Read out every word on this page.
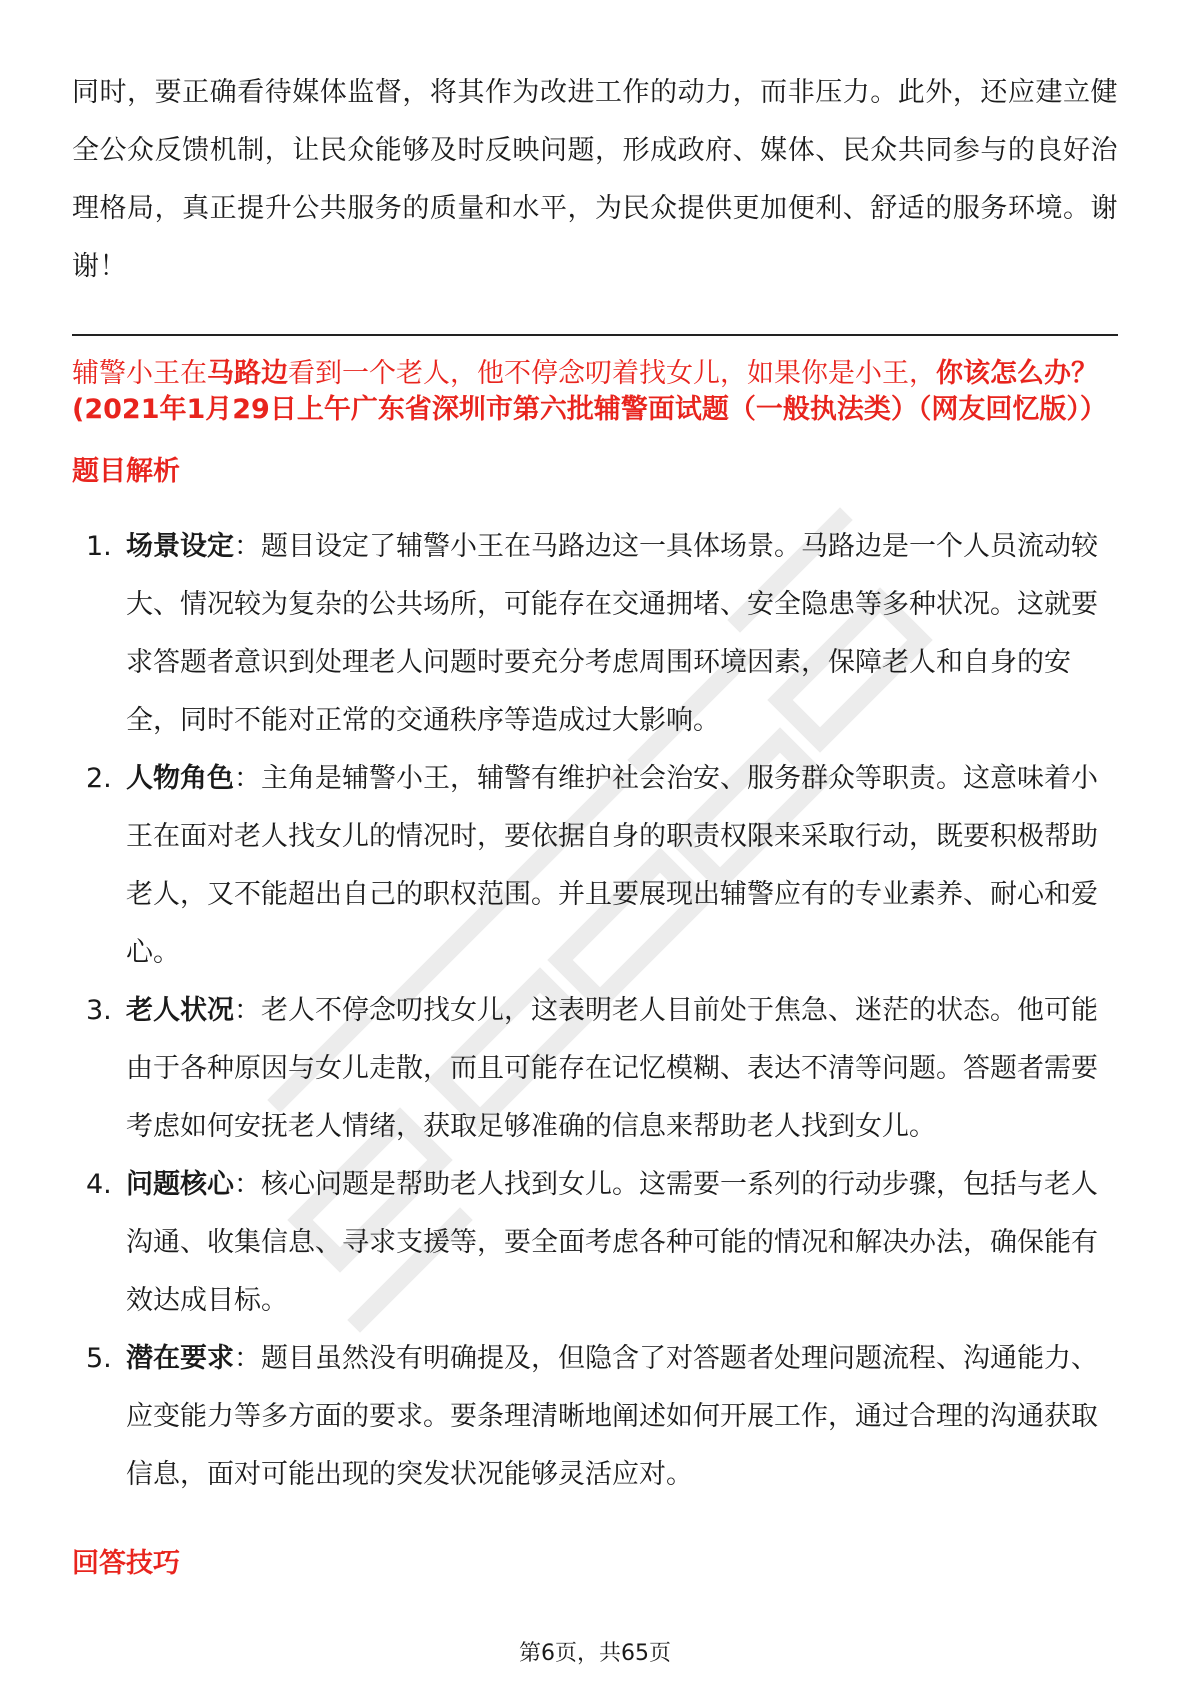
同时，要正确看待媒体监督，将其作为改进工作的动力，而非压力。此外，还应建立健全公众反馈机制，让民众能够及时反映问题，形成政府、媒体、民众共同参与的良好治理格局，真正提升公共服务的质量和水平，为民众提供更加便利、舒适的服务环境。谢谢！

辅警小王在马路边看到一个老人，他不停念叨着找女儿，如果你是小王，你该怎么办？(2021年1月29日上午广东省深圳市第六批辅警面试题（一般执法类）（网友回忆版））

题目解析
1. 场景设定：题目设定了辅警小王在马路边这一具体场景。马路边是一个人员流动较大、情况较为复杂的公共场所，可能存在交通拥堵、安全隐患等多种状况。这就要求答题者意识到处理老人问题时要充分考虑周围环境因素，保障老人和自身的安全，同时不能对正常的交通秩序等造成过大影响。
2. 人物角色：主角是辅警小王，辅警有维护社会治安、服务群众等职责。这意味着小王在面对老人找女儿的情况时，要依据自身的职责权限来采取行动，既要积极帮助老人，又不能超出自己的职权范围。并且要展现出辅警应有的专业素养、耐心和爱心。
3. 老人状况：老人不停念叨找女儿，这表明老人目前处于焦急、迷茫的状态。他可能由于各种原因与女儿走散，而且可能存在记忆模糊、表达不清等问题。答题者需要考虑如何安抚老人情绪，获取足够准确的信息来帮助老人找到女儿。
4. 问题核心：核心问题是帮助老人找到女儿。这需要一系列的行动步骤，包括与老人沟通、收集信息、寻求支援等，要全面考虑各种可能的情况和解决办法，确保能有效达成目标。
5. 潜在要求：题目虽然没有明确提及，但隐含了对答题者处理问题流程、沟通能力、应变能力等多方面的要求。要条理清晰地阐述如何开展工作，通过合理的沟通获取信息，面对可能出现的突发状况能够灵活应对。
回答技巧
第6页，共65页
